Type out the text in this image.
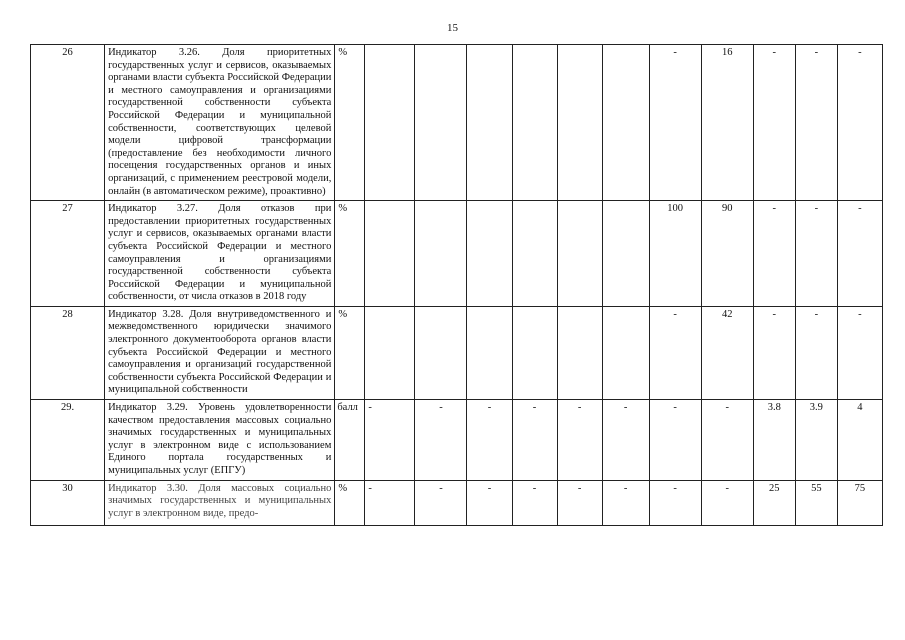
15
26	Индикатор 3.26. Доля приоритетных государственных услуг и сервисов, оказываемых органами власти субъекта Российской Федерации и местного самоуправления и организациями государственной собственности субъекта Российской Федерации и муниципальной собственности, соответствующих целевой модели цифровой трансформации (предоставление без необходимости личного посещения государственных органов и иных организаций, с применением реестровой модели, онлайн (в автоматическом режиме), проактивно)	%							-	16	-	-	-
27	Индикатор 3.27. Доля отказов при предоставлении приоритетных государственных услуг и сервисов, оказываемых органами власти субъекта Российской Федерации и местного самоуправления и организациями государственной собственности субъекта Российской Федерации и муниципальной собственности, от числа отказов в 2018 году	%							100	90	-	-	-
28	Индикатор 3.28. Доля внутриведомственного и межведомственного юридически значимого электронного документооборота органов власти субъекта Российской Федерации и местного самоуправления и организаций государственной собственности субъекта Российской Федерации и муниципальной собственности	%							-	42	-	-	-
29.	Индикатор 3.29. Уровень удовлетворенности качеством предоставления массовых социально значимых государственных и муниципальных услуг в электронном виде с использованием Единого портала государственных и муниципальных услуг (ЕПГУ)	балл	-	-	-	-	-	-	-	-	3.8	3.9	4
30	Индикатор 3.30. Доля массовых социально значимых государственных и муниципальных услуг в электронном виде, предо-	%	-	-	-	-	-	-	-	-	25	55	75
